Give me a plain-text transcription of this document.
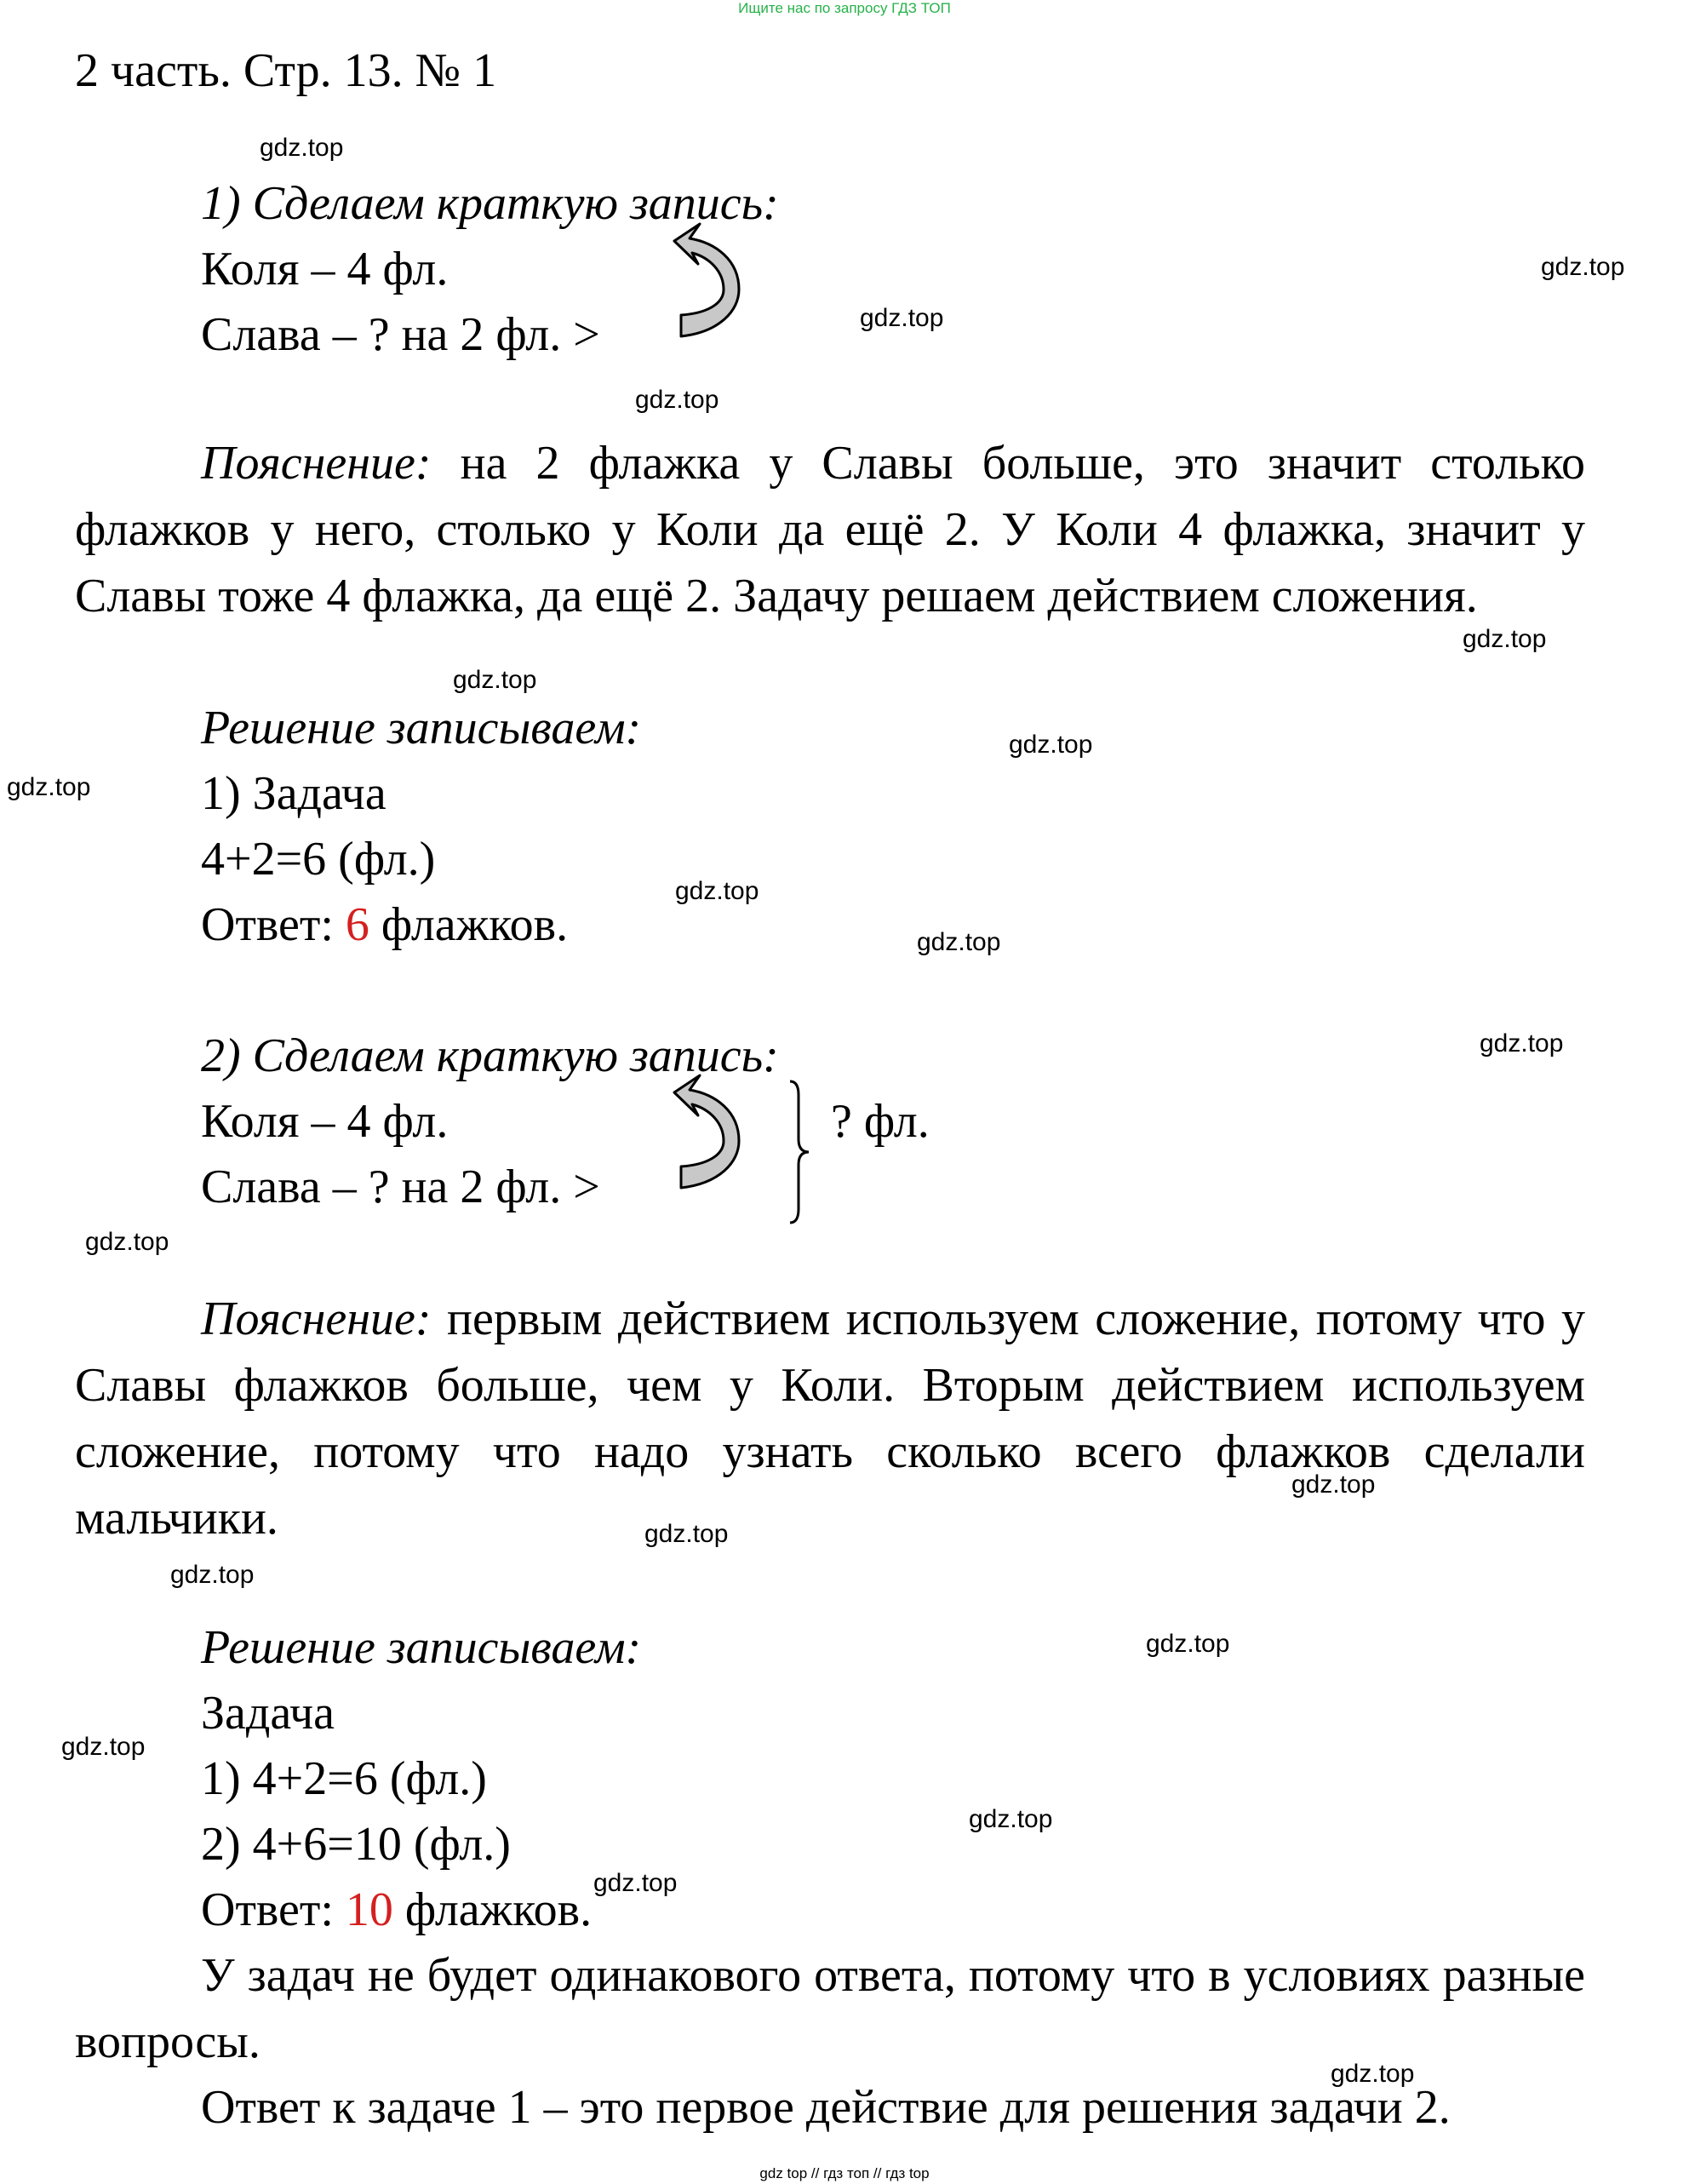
Ищите нас по запросу ГДЗ ТОП
2 часть. Стр. 13. № 1
1) Сделаем краткую запись:
Коля – 4 фл.
Слава – ? на 2 фл. >
Пояснение: на 2 флажка у Славы больше, это значит столько флажков у него, столько у Коли да ещё 2. У Коли 4 флажка, значит у Славы тоже 4 флажка, да ещё 2. Задачу решаем действием сложения.
Решение записываем:
1) Задача
4+2=6 (фл.)
Ответ: 6 флажков.
2) Сделаем краткую запись:
Коля – 4 фл.
Слава – ? на 2 фл. >
? фл.
Пояснение: первым действием используем сложение, потому что у Славы флажков больше, чем у Коли. Вторым действием используем сложение, потому что надо узнать сколько всего флажков сделали мальчики.
Решение записываем:
Задача
1) 4+2=6 (фл.)
2) 4+6=10 (фл.)
Ответ: 10 флажков.
У задач не будет одинакового ответа, потому что в условиях разные вопросы.
Ответ к задаче 1 – это первое действие для решения задачи 2.
gdz.top
gdz.top
gdz.top
gdz.top
gdz.top
gdz.top
gdz.top
gdz.top
gdz.top
gdz.top
gdz.top
gdz.top
gdz.top
gdz.top
gdz.top
gdz.top
gdz.top
gdz.top
gdz.top
gdz.top
gdz top // гдз топ // гдз top
